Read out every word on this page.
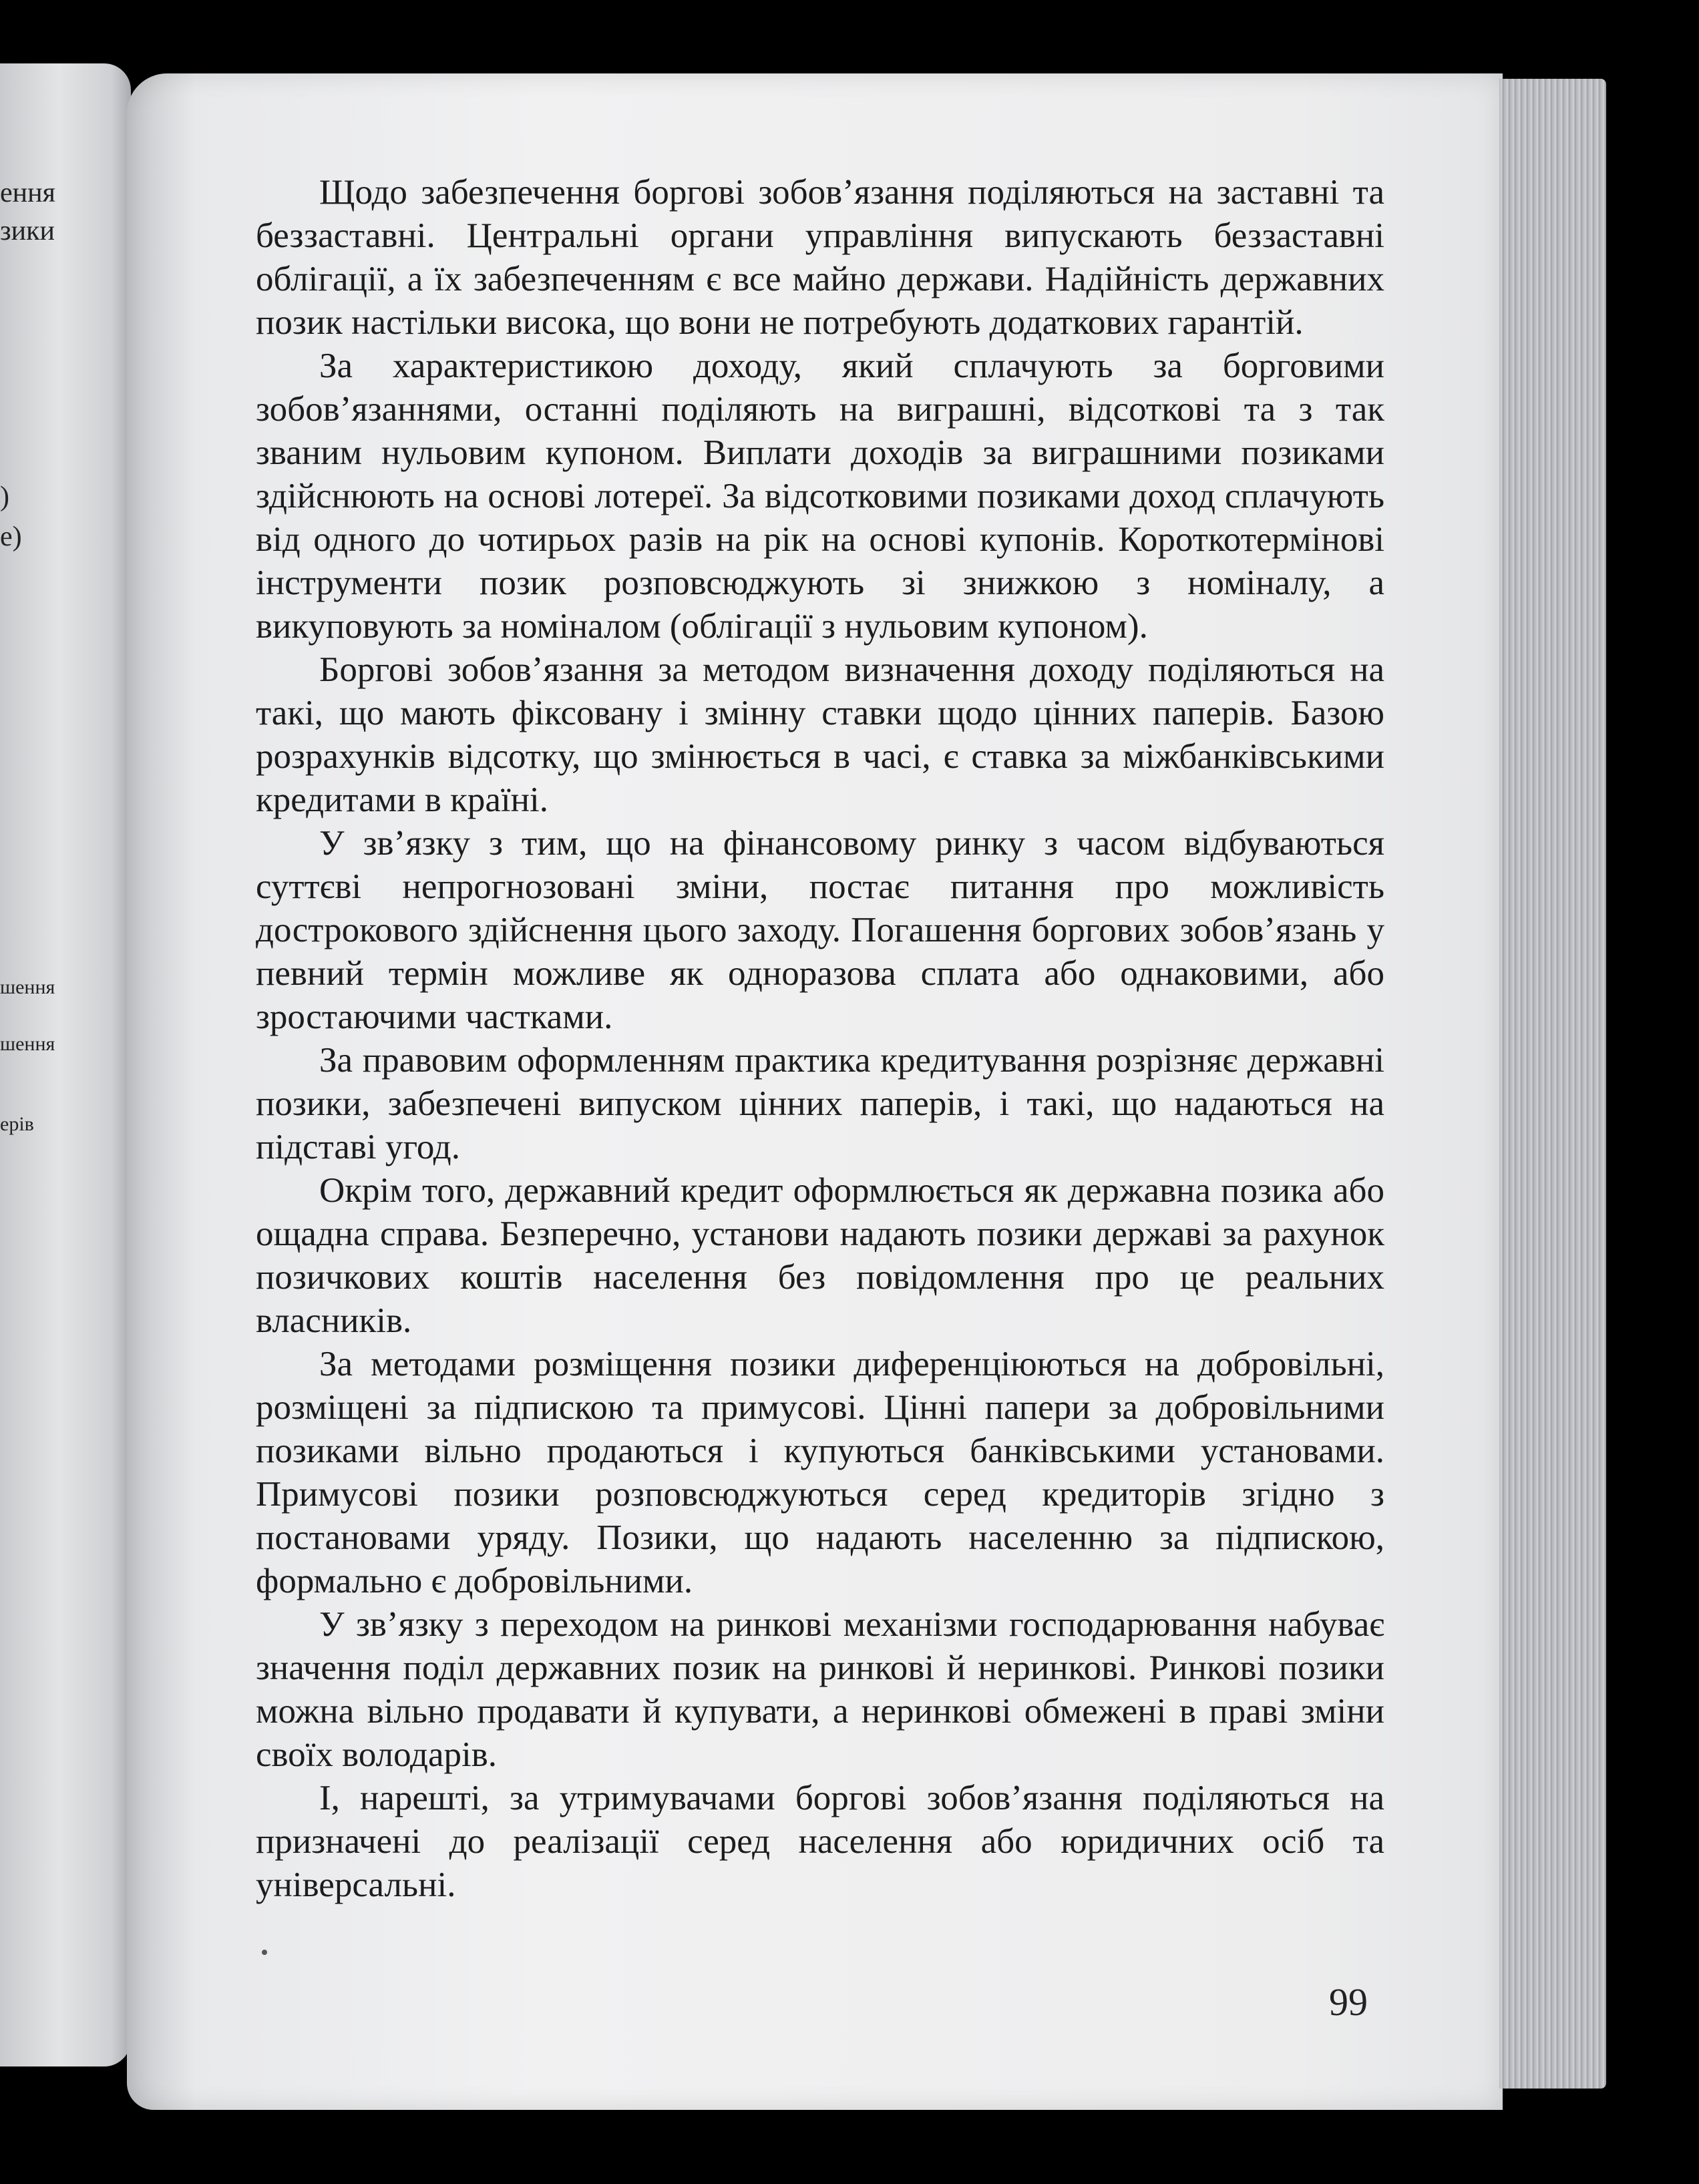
ення
зики
)
е)
шення
шення
ерів

Щодо забезпечення боргові зобов’язання поділяються на заставні та беззаставні. Центральні органи управління випускають беззаставні облігації, а їх забезпеченням є все майно держави. Надійність державних позик настільки висока, що вони не потребують додаткових гарантій.

За характеристикою доходу, який сплачують за борговими зобов’язаннями, останні поділяють на виграшні, відсоткові та з так званим нульовим купоном. Виплати доходів за виграшними позиками здійснюють на основі лотереї. За відсотковими позиками доход сплачують від одного до чотирьох разів на рік на основі купонів. Короткотермінові інструменти позик розповсюджують зі знижкою з номіналу, а викуповують за номіналом (облігації з нульовим купоном).

Боргові зобов’язання за методом визначення доходу поділяються на такі, що мають фіксовану і змінну ставки щодо цінних паперів. Базою розрахунків відсотку, що змінюється в часі, є ставка за міжбанківськими кредитами в країні.

У зв’язку з тим, що на фінансовому ринку з часом відбуваються суттєві непрогнозовані зміни, постає питання про можливість дострокового здійснення цього заходу. Погашення боргових зобов’язань у певний термін можливе як одноразова сплата або однаковими, або зростаючими частками.

За правовим оформленням практика кредитування розрізняє державні позики, забезпечені випуском цінних паперів, і такі, що надаються на підставі угод.

Окрім того, державний кредит оформлюється як державна позика або ощадна справа. Безперечно, установи надають позики державі за рахунок позичкових коштів населення без повідомлення про це реальних власників.

За методами розміщення позики диференціюються на добровільні, розміщені за підпискою та примусові. Цінні папери за добровільними позиками вільно продаються і купуються банківськими установами. Примусові позики розповсюджуються серед кредиторів згідно з постановами уряду. Позики, що надають населенню за підпискою, формально є добровільними.

У зв’язку з переходом на ринкові механізми господарювання набуває значення поділ державних позик на ринкові й неринкові. Ринкові позики можна вільно продавати й купувати, а неринкові обмежені в праві зміни своїх володарів.

І, нарешті, за утримувачами боргові зобов’язання поділяються на призначені до реалізації серед населення або юридичних осіб та універсальні.

99
